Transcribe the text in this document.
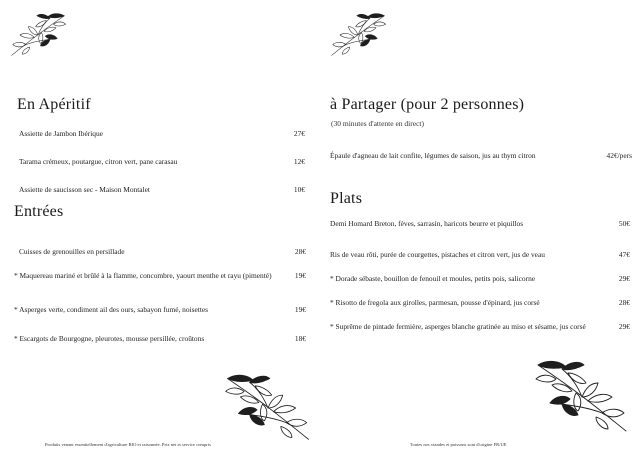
En Apéritif
Assiette de Jambon Ibérique	27€
Tarama crémeux, poutargue, citron vert, pane carasau	12€
Assiette de saucisson sec - Maison Montalet	10€
Entrées
Cuisses de grenouilles en persillade	28€
* Maquereau mariné et brûlé à la flamme, concombre, yaourt menthe et rayu (pimenté)	19€
* Asperges verte, condiment ail des ours, sabayon fumé, noisettes	19€
* Escargots de Bourgogne, pleurotes, mousse persillée, croûtons	18€
Produits venant essentiellement d'agriculture BIO et raisonnée. Prix net et service compris
à Partager (pour 2 personnes)
(30 minutes d'attente en direct)
Épaule d'agneau de lait confite, légumes de saison, jus au thym citron	42€/pers
Plats
Demi Homard Breton, fèves, sarrasin, haricots beurre et piquillos	50€
Ris de veau rôti, purée de courgettes, pistaches et citron vert, jus de veau	47€
* Dorade sébaste, bouillon de fenouil et moules, petits pois, salicorne	29€
* Risotto de fregola aux girolles, parmesan, pousse d'épinard, jus corsé	28€
* Suprême de pintade fermière, asperges blanche gratinée au miso et sésame, jus corsé	29€
Toutes nos viandes et poissons sont d'origine FR/UE
